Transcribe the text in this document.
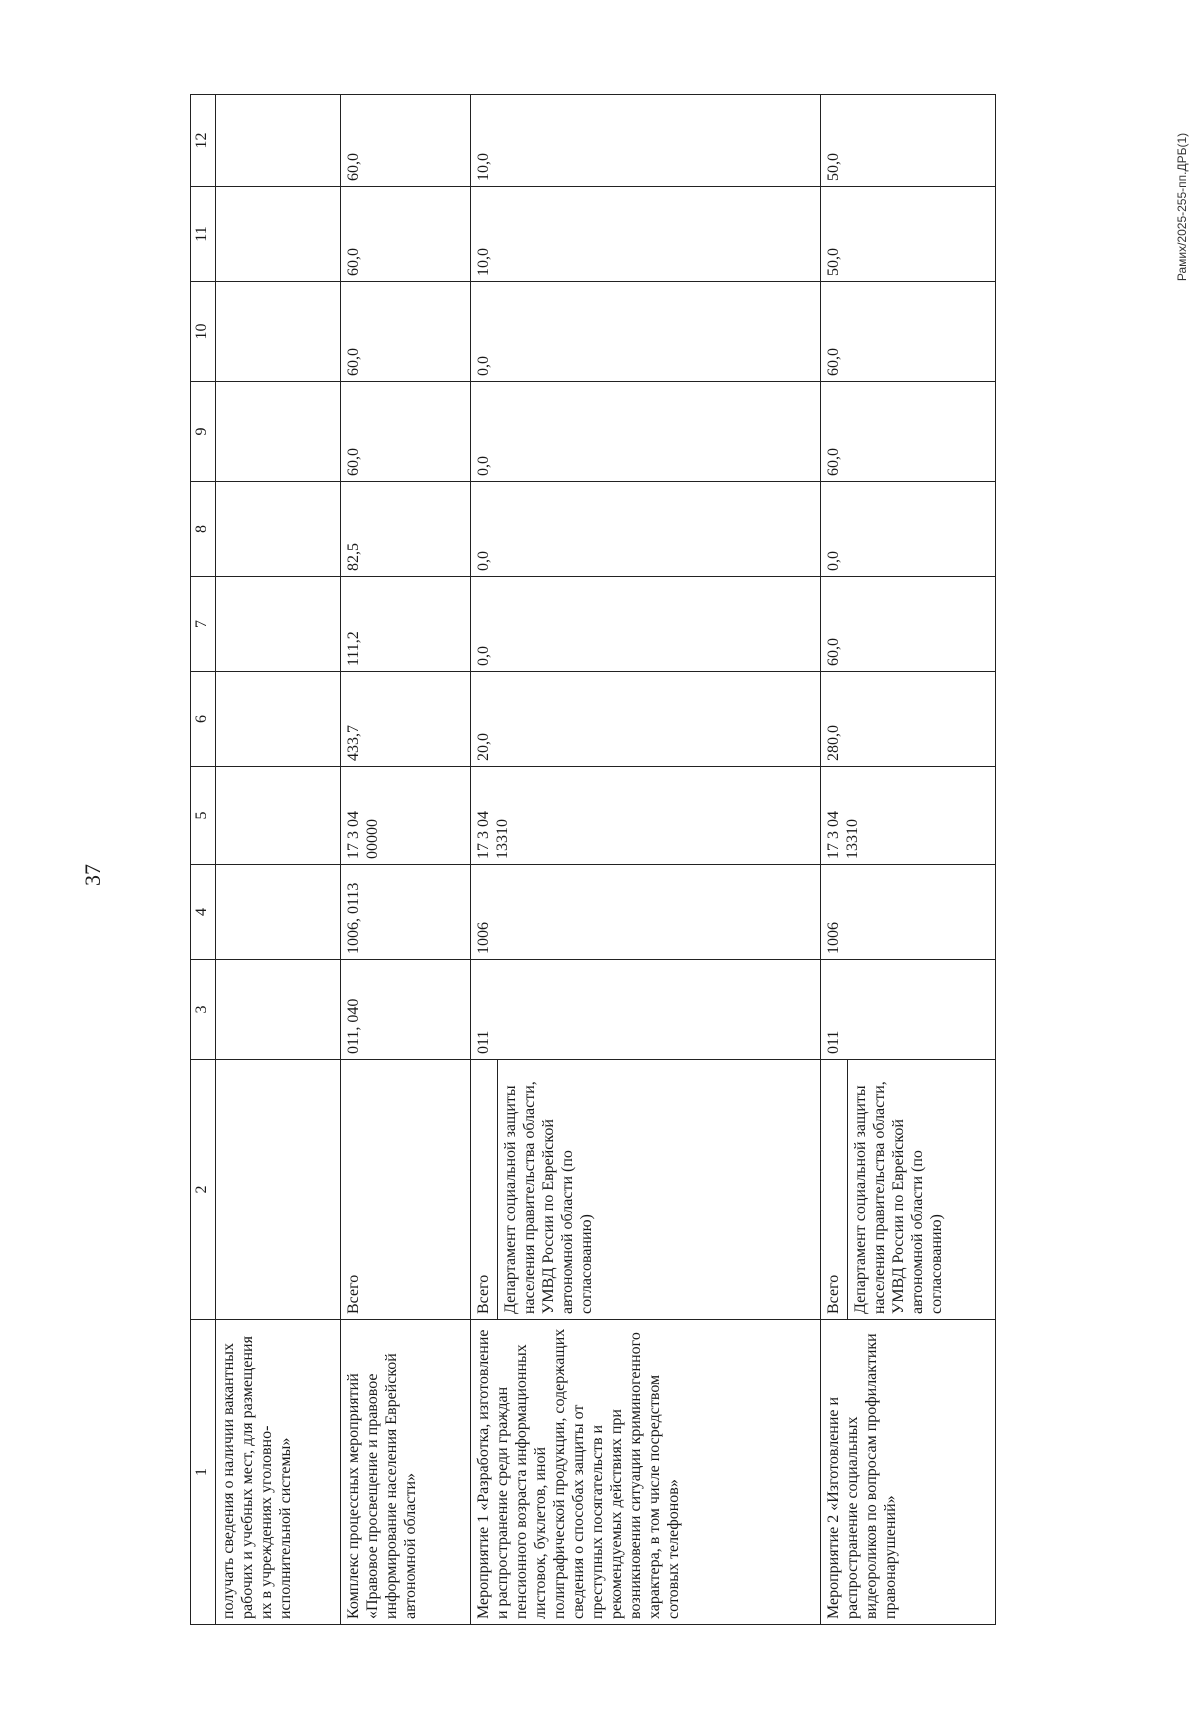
37
Рамих/2025-255-пп.ДРБ(1)
1	2	3	4	5	6	7	8	9	10	11	12
получать сведения о наличии вакантных рабочих и учебных мест, для размещения их в учреждениях уголовно-исполнительной системы»											
Комплекс процессных мероприятий «Правовое просвещение и правовое информирование населения Еврейской автономной области»	Всего	011, 040	1006, 0113	17 3 04 00000	433,7	111,2	82,5	60,0	60,0	60,0	60,0
Мероприятие 1 «Разработка, изготовление и распространение среди граждан пенсионного возраста информационных листовок, буклетов, иной полиграфической продукции, содержащих сведения о способах защиты от преступных посягательств и рекомендуемых действиях при возникновении ситуации криминогенного характера, в том числе посредством сотовых телефонов»	Всего Департамент социальной защиты населения правительства области, УМВД России по Еврейской автономной области (по согласованию)	011	1006	17 3 04 13310	20,0	0,0	0,0	0,0	0,0	10,0	10,0
Мероприятие 2 «Изготовление и распространение социальных видеороликов по вопросам профилактики правонарушений»	Всего Департамент социальной защиты населения правительства области, УМВД России по Еврейской автономной области (по согласованию)	011	1006	17 3 04 13310	280,0	60,0	0,0	60,0	60,0	50,0	50,0
